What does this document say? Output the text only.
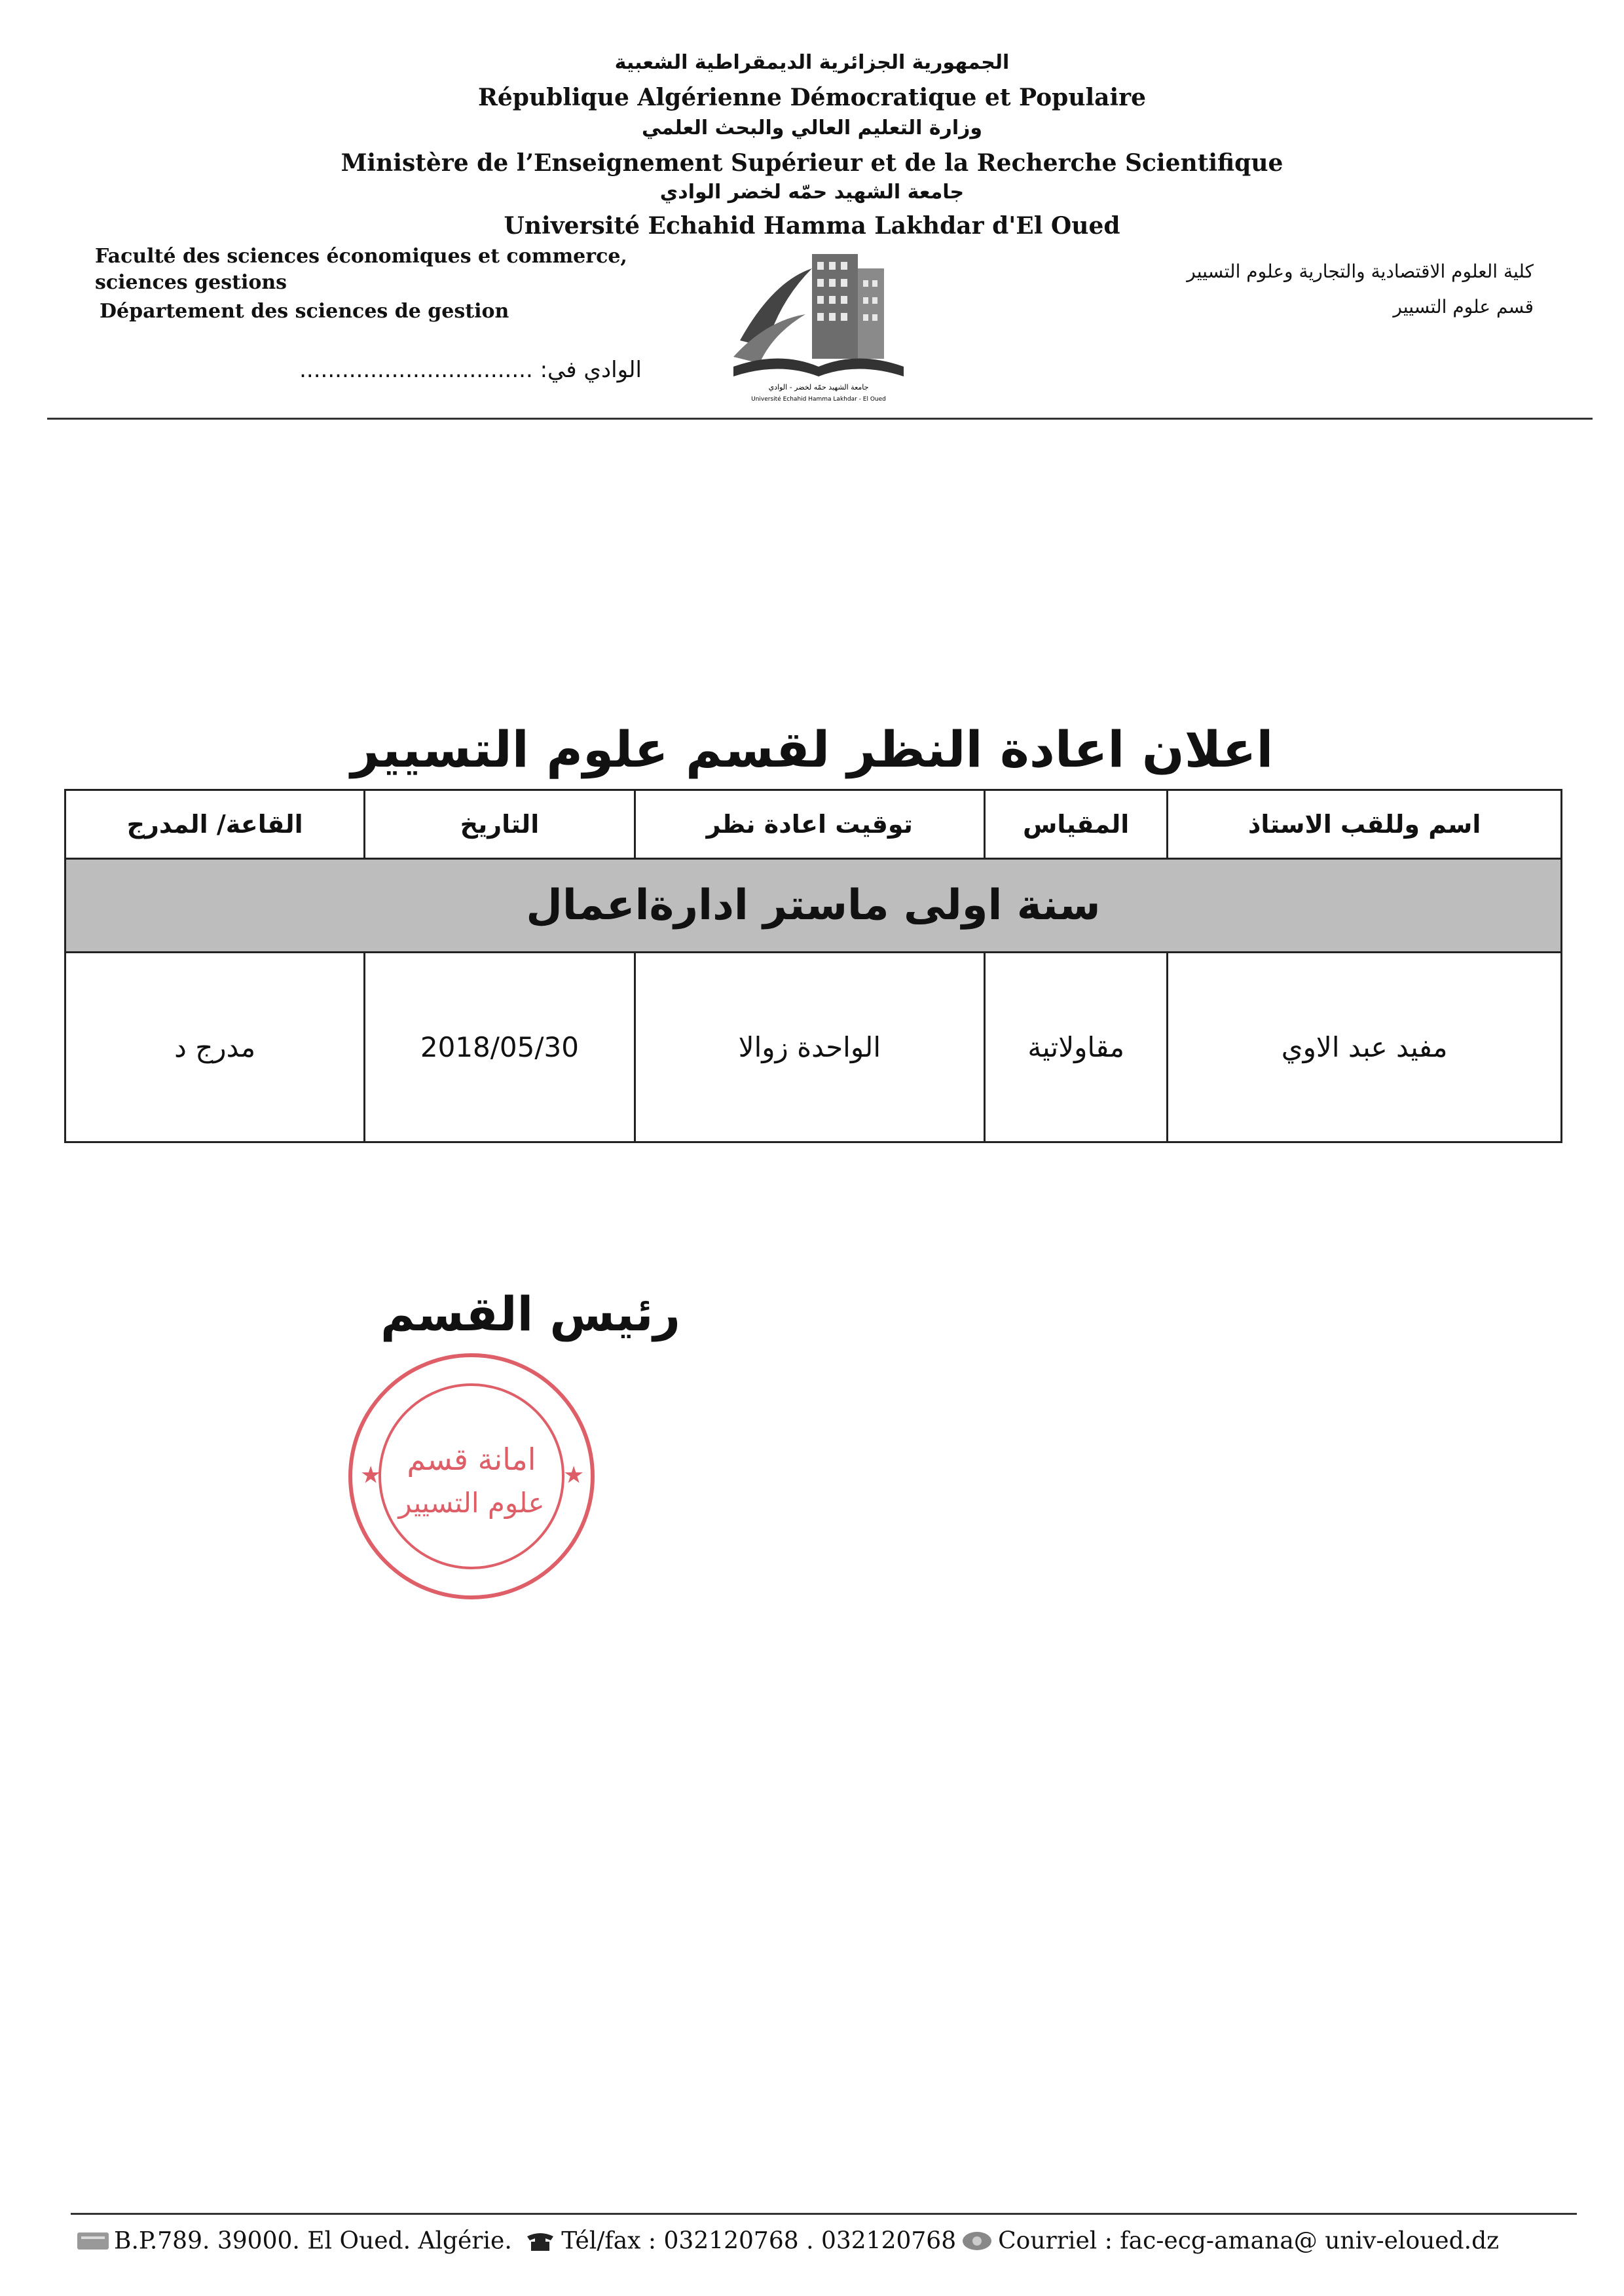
الجمهورية الجزائرية الديمقراطية الشعبية
République Algérienne Démocratique et Populaire
وزارة التعليم العالي والبحث العلمي
Ministère de l’Enseignement Supérieur et de la Recherche Scientifique
جامعة الشهيد حمّه لخضر الوادي
Université Echahid Hamma Lakhdar d'El Oued
Faculté des sciences économiques et commerce, sciences gestions
Département des sciences de gestion
كلية العلوم الاقتصادية والتجارية وعلوم التسيير
قسم علوم التسيير
جامعة الشهيد حمّه لخضر - الوادي
Université Echahid Hamma Lakhdar - El Oued
الوادي في: .................................
اعلان اعادة النظر لقسم علوم التسيير
اسم وللقب الاستاذ	المقياس	توقيت اعادة نظر	التاريخ	القاعة/ المدرج
سنة اولى ماستر ادارةاعمال				
مفيد عبد الاوي	مقاولاتية	الواحدة زوالا	2018/05/30	مدرج د
رئيس القسم
★	★
امانة قسم
علوم التسيير
B.P.789. 39000. El Oued. Algérie. Tél/fax : 032120768 . 032120768 Courriel : fac-ecg-amana@ univ-eloued.dz
